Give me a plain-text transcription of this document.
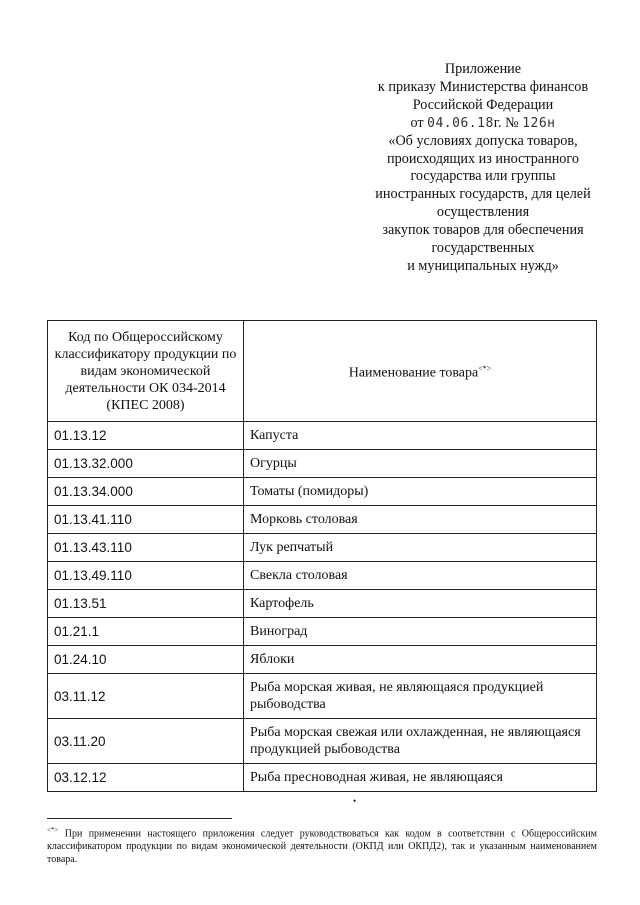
Приложение
к приказу Министерства финансов
Российской Федерации
от 04.06.18г. № 126н
«Об условиях допуска товаров,
происходящих из иностранного
государства или группы
иностранных государств, для целей
осуществления
закупок товаров для обеспечения
государственных
и муниципальных нужд»
Код по Общероссийскому классификатору продукции по видам экономической деятельности ОК 034-2014 (КПЕС 2008)	Наименование товара<*>
01.13.12	Капуста
01.13.32.000	Огурцы
01.13.34.000	Томаты (помидоры)
01.13.41.110	Морковь столовая
01.13.43.110	Лук репчатый
01.13.49.110	Свекла столовая
01.13.51	Картофель
01.21.1	Виноград
01.24.10	Яблоки
03.11.12	Рыба морская живая, не являющаяся продукцией рыбоводства
03.11.20	Рыба морская свежая или охлажденная, не являющаяся продукцией рыбоводства
03.12.12	Рыба пресноводная живая, не являющаяся
•
<*> При применении настоящего приложения следует руководствоваться как кодом в соответствии с Общероссийским классификатором продукции по видам экономической деятельности (ОКПД или ОКПД2), так и указанным наименованием товара.
